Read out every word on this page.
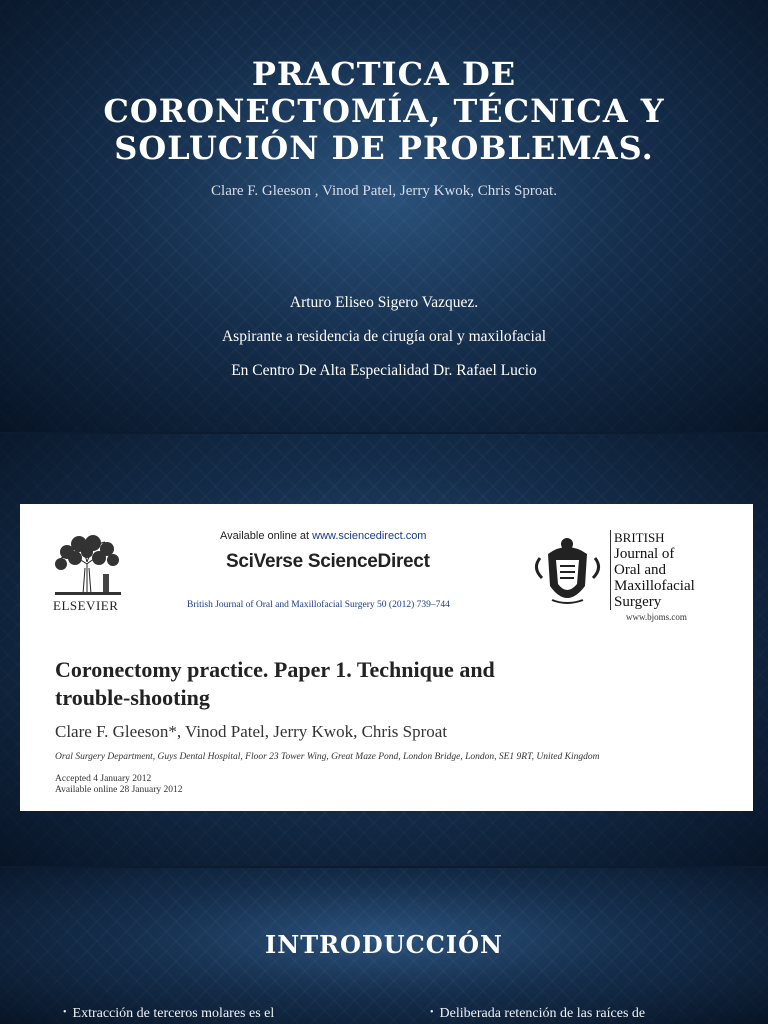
PRACTICA DE
CORONECTOMÍA, TÉCNICA Y
SOLUCIÓN DE PROBLEMAS.
Clare F. Gleeson , Vinod Patel, Jerry Kwok, Chris Sproat.
Arturo Eliseo Sigero Vazquez.
Aspirante a residencia de cirugía oral y maxilofacial
En Centro De Alta Especialidad Dr. Rafael Lucio
ELSEVIER
Available online at www.sciencedirect.com
SciVerse ScienceDirect
British Journal of Oral and Maxillofacial Surgery 50 (2012) 739–744
BRITISH
Journal of
Oral and
Maxillofacial
Surgery
www.bjoms.com
Coronectomy practice. Paper 1. Technique and
trouble-shooting
Clare F. Gleeson*, Vinod Patel, Jerry Kwok, Chris Sproat
Oral Surgery Department, Guys Dental Hospital, Floor 23 Tower Wing, Great Maze Pond, London Bridge, London, SE1 9RT, United Kingdom
Accepted 4 January 2012
Available online 28 January 2012
INTRODUCCIÓN
• Extracción de terceros molares es el	• Deliberada retención de las raíces de
